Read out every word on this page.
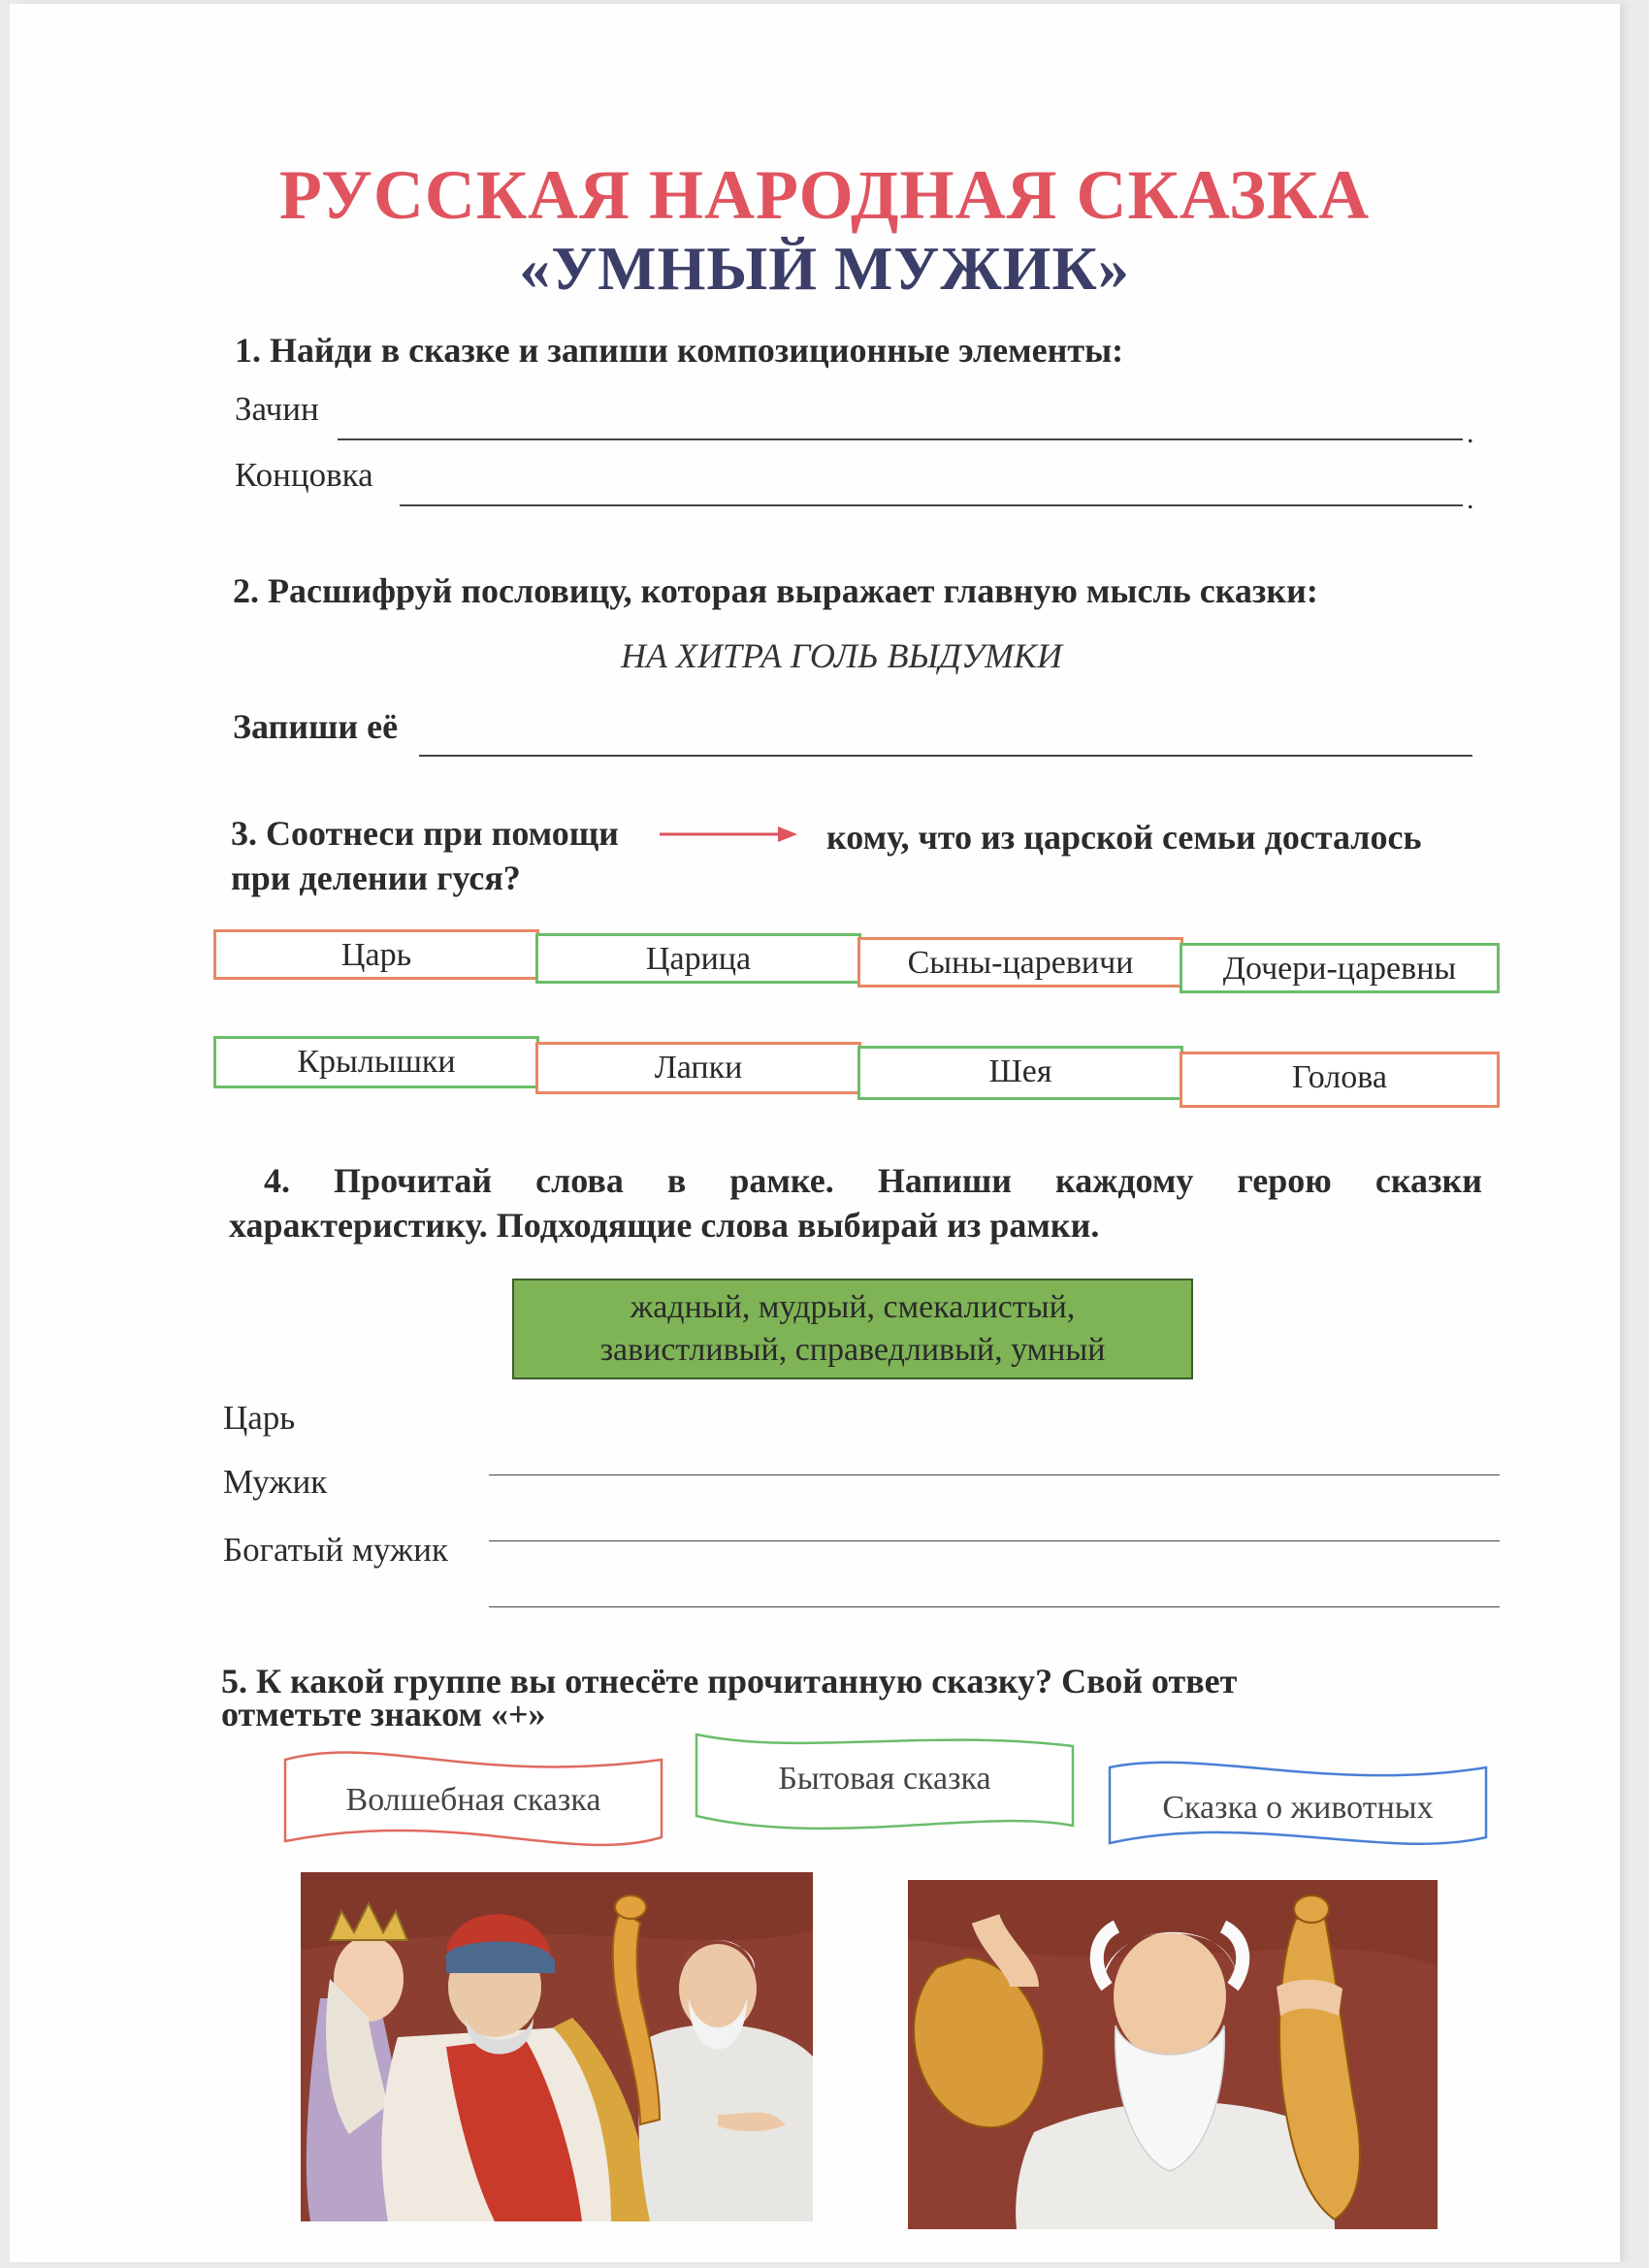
РУССКАЯ НАРОДНАЯ СКАЗКА
«УМНЫЙ МУЖИК»
1. Найди в сказке и запиши композиционные элементы:
Зачин
.
Концовка
.
2. Расшифруй пословицу, которая выражает главную мысль сказки:
НА ХИТРА ГОЛЬ ВЫДУМКИ
Запиши её
3. Соотнеси при помощи	кому, что из царской семьи досталось
при делении гуся?
Царь	Царица	Сыны-царевичи	Дочери-царевны
Крылышки	Лапки	Шея	Голова
4. Прочитай слова в рамке. Напиши каждому герою сказки
характеристику. Подходящие слова выбирай из рамки.
жадный, мудрый, смекалистый,
завистливый, справедливый, умный
Царь
Мужик
Богатый мужик
5. К какой группе вы отнесёте прочитанную сказку? Свой ответ
отметьте знаком «+»
Волшебная сказка
Бытовая сказка
Сказка о животных
